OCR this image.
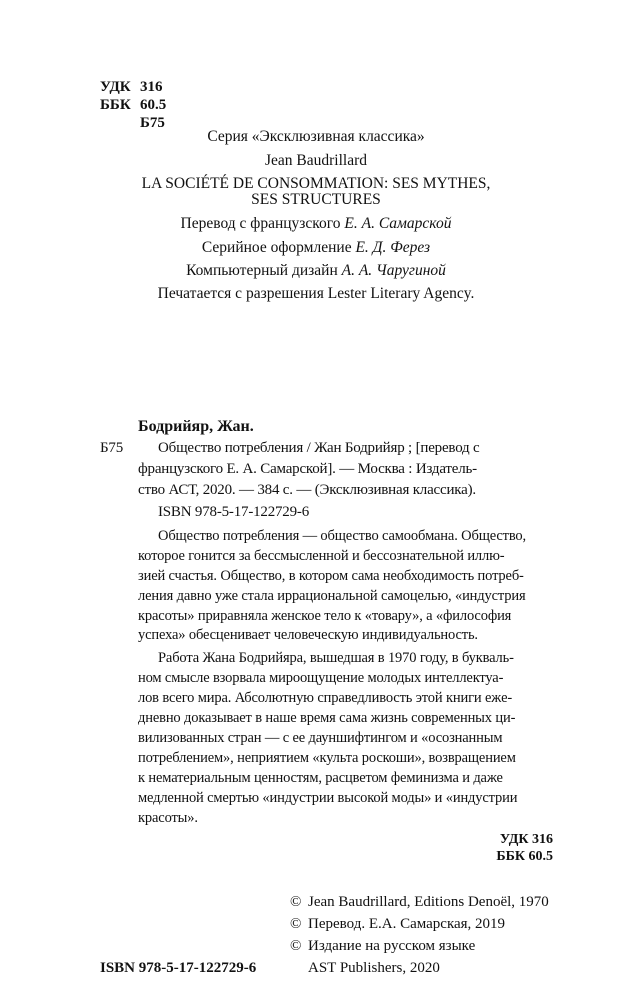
УДК 316
ББК 60.5
Б75
Серия «Эксклюзивная классика»
Jean Baudrillard
LA SOCIÉTÉ DE CONSOMMATION: SES MYTHES,
SES STRUCTURES
Перевод с французского Е. А. Самарской
Серийное оформление Е. Д. Ферез
Компьютерный дизайн А. А. Чаругиной
Печатается с разрешения Lester Literary Agency.
Бодрийяр, Жан.
Б75 Общество потребления / Жан Бодрийяр ; [перевод с
французского Е. А. Самарской]. — Москва : Издатель-
ство АСТ, 2020. — 384 с. — (Эксклюзивная классика).
ISBN 978-5-17-122729-6
Общество потребления — общество самообмана. Общество,
которое гонится за бессмысленной и бессознательной иллю-
зией счастья. Общество, в котором сама необходимость потреб-
ления давно уже стала иррациональной самоцелью, «индустрия
красоты» приравняла женское тело к «товару», а «философия
успеха» обесценивает человеческую индивидуальность.
Работа Жана Бодрийяра, вышедшая в 1970 году, в букваль-
ном смысле взорвала мироощущение молодых интеллектуа-
лов всего мира. Абсолютную справедливость этой книги ежe-
дневно доказывает в наше время сама жизнь современных ци-
вилизованных стран — с ее дауншифтингом и «осознанным
потреблением», неприятием «культа роскоши», возвращением
к нематериальным ценностям, расцветом феминизма и даже
медленной смертью «индустрии высокой моды» и «индустрии
красоты».
УДК 316
ББК 60.5
© Jean Baudrillard, Editions Denoël, 1970
© Перевод. Е.А. Самарская, 2019
© Издание на русском языке
AST Publishers, 2020
ISBN 978-5-17-122729-6
